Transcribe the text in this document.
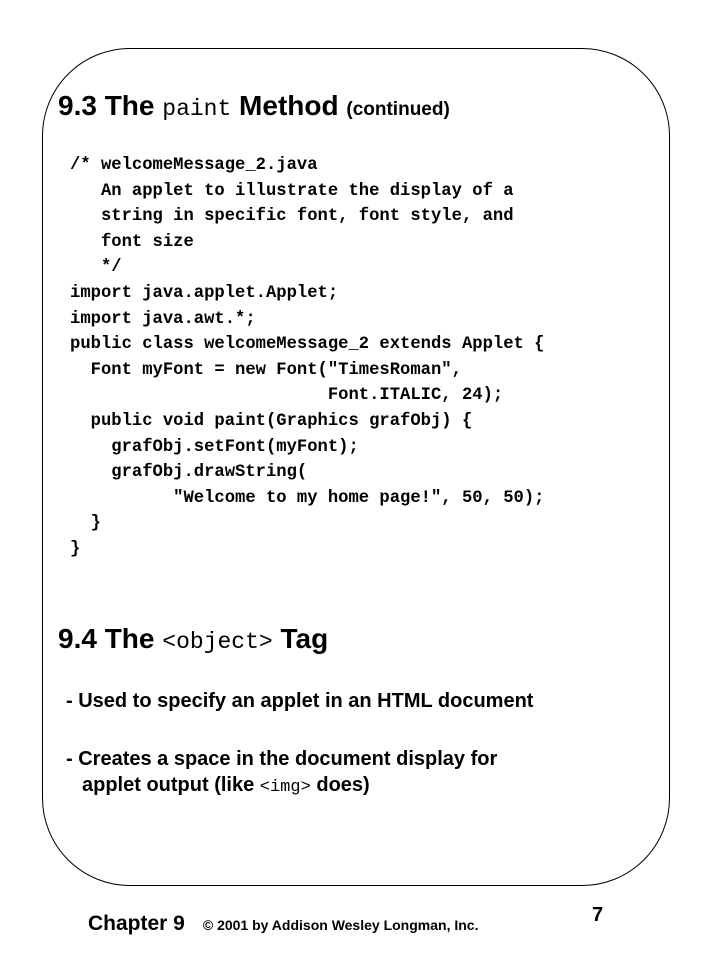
9.3 The paint Method (continued)
/* welcomeMessage_2.java
An applet to illustrate the display of a
string in specific font, font style, and
font size
*/
import java.applet.Applet;
import java.awt.*;
public class welcomeMessage_2 extends Applet {
Font myFont = new Font("TimesRoman",
Font.ITALIC, 24);
public void paint(Graphics grafObj) {
grafObj.setFont(myFont);
grafObj.drawString(
"Welcome to my home page!", 50, 50);
}
}
9.4 The <object> Tag
- Used to specify an applet in an HTML document
- Creates a space in the document display for
applet output (like <img> does)
Chapter 9 © 2001 by Addison Wesley Longman, Inc.	7
